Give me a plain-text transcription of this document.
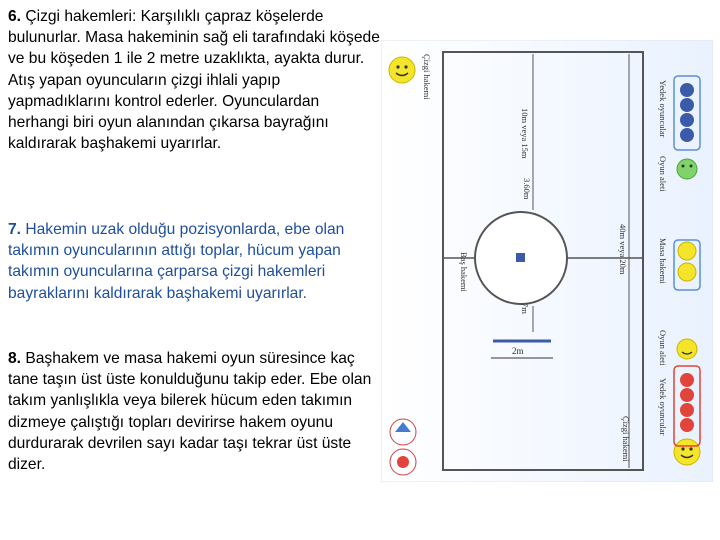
6. Çizgi hakemleri: Karşılıklı çapraz köşelerde bulunurlar. Masa hakeminin sağ eli tarafındaki köşede ve bu köşeden 1 ile 2 metre uzaklıkta, ayakta durur. Atış yapan oyuncuların çizgi ihlali yapıp yapmadıklarını kontrol ederler. Oyunculardan herhangi biri oyun alanından çıkarsa bayrağını kaldırarak başhakemi uyarırlar.

7. Hakemin uzak olduğu pozisyonlarda, ebe olan takımın oyuncularının attığı toplar, hücum yapan takımın oyuncularına çarparsa çizgi hakemleri bayraklarını kaldırarak başhakemi uyarırlar.

8. Başhakem ve masa hakemi oyun süresince kaç tane taşın üst üste konulduğunu takip eder. Ebe olan takım yanlışlıkla veya bilerek hücum eden takımın dizmeye çalıştığı topları devirirse hakem oyunu durdurarak devrilen sayı kadar taşı tekrar üst üste dizer.

Çizgi hakemi
Yedek oyuncular
Oyun aleti
10m veya 15m
3.60m
Baş hakemi
7m
2m
Masa hakemi
40m veya 20m
Oyun aleti
Yedek oyuncular
Çizgi hakemi
